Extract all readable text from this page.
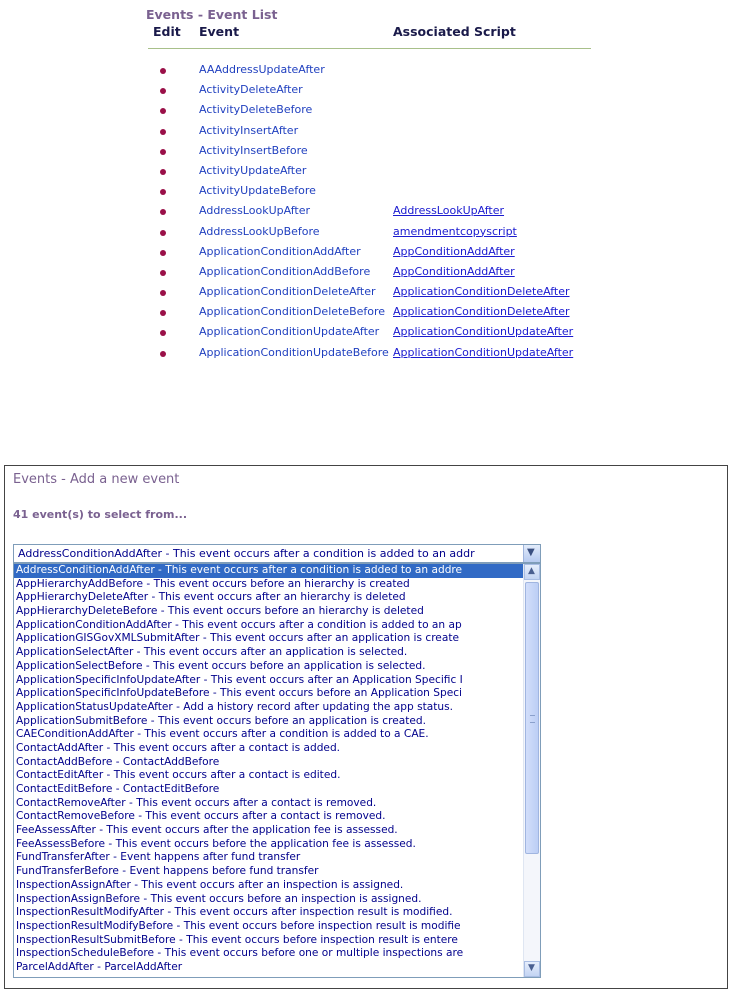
Events - Event List
Edit Event	Associated Script
AAAddressUpdateAfter
ActivityDeleteAfter
ActivityDeleteBefore
ActivityInsertAfter
ActivityInsertBefore
ActivityUpdateAfter
ActivityUpdateBefore
AddressLookUpAfter	AddressLookUpAfter
AddressLookUpBefore	amendmentcopyscript
ApplicationConditionAddAfter	AppConditionAddAfter
ApplicationConditionAddBefore AppConditionAddAfter
ApplicationConditionDeleteAfter ApplicationConditionDeleteAfter
ApplicationConditionDeleteBefore ApplicationConditionDeleteAfter
ApplicationConditionUpdateAfter ApplicationConditionUpdateAfter
ApplicationConditionUpdateBefore ApplicationConditionUpdateAfter
Events - Add a new event
41 event(s) to select from...
AddressConditionAddAfter - This event occurs after a condition is added to an addr	▼
AddressConditionAddAfter - This event occurs after a condition is added to an addre
AppHierarchyAddBefore - This event occurs before an hierarchy is created
AppHierarchyDeleteAfter - This event occurs after an hierarchy is deleted
AppHierarchyDeleteBefore - This event occurs before an hierarchy is deleted
ApplicationConditionAddAfter - This event occurs after a condition is added to an ap
ApplicationGISGovXMLSubmitAfter - This event occurs after an application is create
ApplicationSelectAfter - This event occurs after an application is selected.
ApplicationSelectBefore - This event occurs before an application is selected.
ApplicationSpecificInfoUpdateAfter - This event occurs after an Application Specific I
ApplicationSpecificInfoUpdateBefore - This event occurs before an Application Speci
ApplicationStatusUpdateAfter - Add a history record after updating the app status.
ApplicationSubmitBefore - This event occurs before an application is created.
CAEConditionAddAfter - This event occurs after a condition is added to a CAE.
ContactAddAfter - This event occurs after a contact is added.
ContactAddBefore - ContactAddBefore
ContactEditAfter - This event occurs after a contact is edited.
ContactEditBefore - ContactEditBefore
ContactRemoveAfter - This event occurs after a contact is removed.
ContactRemoveBefore - This event occurs after a contact is removed.
FeeAssessAfter - This event occurs after the application fee is assessed.
FeeAssessBefore - This event occurs before the application fee is assessed.
FundTransferAfter - Event happens after fund transfer
FundTransferBefore - Event happens before fund transfer
InspectionAssignAfter - This event occurs after an inspection is assigned.
InspectionAssignBefore - This event occurs before an inspection is assigned.
InspectionResultModifyAfter - This event occurs after inspection result is modified.
InspectionResultModifyBefore - This event occurs before inspection result is modifie
InspectionResultSubmitBefore - This event occurs before inspection result is entere
InspectionScheduleBefore - This event occurs before one or multiple inspections are
ParcelAddAfter - ParcelAddAfter
▲
▼
